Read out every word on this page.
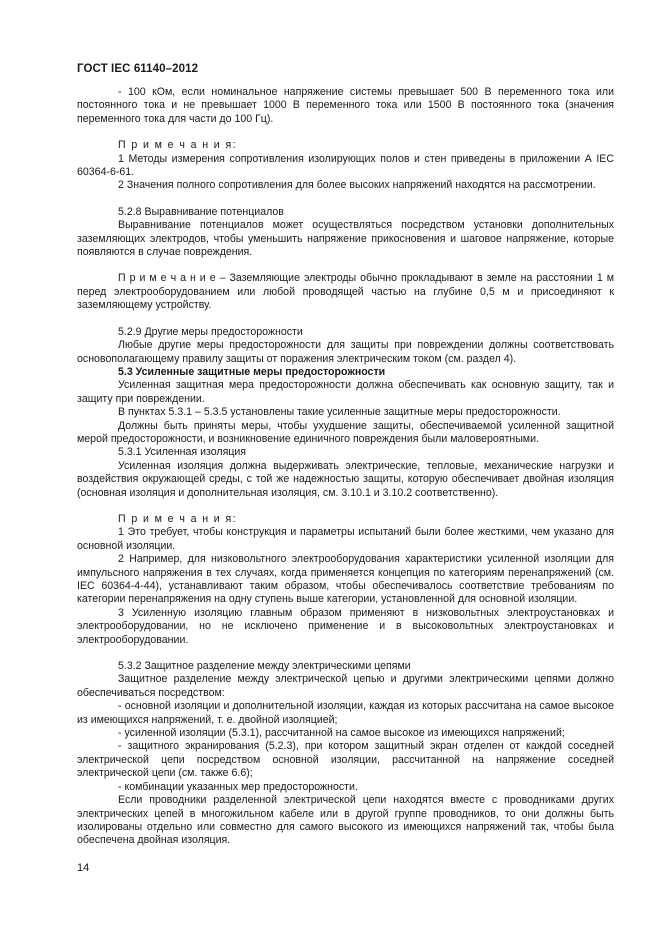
ГОСТ IEC 61140–2012

- 100 кОм, если номинальное напряжение системы превышает 500 В переменного тока или постоянного тока и не превышает 1000 В переменного тока или 1500 В постоянного тока (значения переменного тока для части до 100 Гц).

П р и м е ч а н и я:

1 Методы измерения сопротивления изолирующих полов и стен приведены в приложении А IEC 60364-6-61.

2 Значения полного сопротивления для более высоких напряжений находятся на рассмотрении.

5.2.8 Выравнивание потенциалов

Выравнивание потенциалов может осуществляться посредством установки дополнительных заземляющих электродов, чтобы уменьшить напряжение прикосновения и шаговое напряжение, которые появляются в случае повреждения.

П р и м е ч а н и е – Заземляющие электроды обычно прокладывают в земле на расстоянии 1 м перед электрооборудованием или любой проводящей частью на глубине 0,5 м и присоединяют к заземляющему устройству.

5.2.9 Другие меры предосторожности

Любые другие меры предосторожности для защиты при повреждении должны соответствовать основополагающему правилу защиты от поражения электрическим током (см. раздел 4).

5.3 Усиленные защитные меры предосторожности

Усиленная защитная мера предосторожности должна обеспечивать как основную защиту, так и защиту при повреждении.

В пунктах 5.3.1 – 5.3.5 установлены такие усиленные защитные меры предосторожности.

Должны быть приняты меры, чтобы ухудшение защиты, обеспечиваемой усиленной защитной мерой предосторожности, и возникновение единичного повреждения были маловероятными.

5.3.1 Усиленная изоляция

Усиленная изоляция должна выдерживать электрические, тепловые, механические нагрузки и воздействия окружающей среды, с той же надежностью защиты, которую обеспечивает двойная изоляция (основная изоляция и дополнительная изоляция, см. 3.10.1 и 3.10.2 соответственно).

П р и м е ч а н и я:

1 Это требует, чтобы конструкция и параметры испытаний были более жесткими, чем указано для основной изоляции.

2 Например, для низковольтного электрооборудования характеристики усиленной изоляции для импульсного напряжения в тех случаях, когда применяется концепция по категориям перенапряжений (см. IEC 60364-4-44), устанавливают таким образом, чтобы обеспечивалось соответствие требованиям по категории перенапряжения на одну ступень выше категории, установленной для основной изоляции.

3 Усиленную изоляцию главным образом применяют в низковольтных электроустановках и электрооборудовании, но не исключено применение и в высоковольтных электроустановках и электрооборудовании.

5.3.2 Защитное разделение между электрическими цепями

Защитное разделение между электрической цепью и другими электрическими цепями должно обеспечиваться посредством:

- основной изоляции и дополнительной изоляции, каждая из которых рассчитана на самое высокое из имеющихся напряжений, т. е. двойной изоляцией;

- усиленной изоляции (5.3.1), рассчитанной на самое высокое из имеющихся напряжений;

- защитного экранирования (5.2.3), при котором защитный экран отделен от каждой соседней электрической цепи посредством основной изоляции, рассчитанной на напряжение соседней электрической цепи (см. также 6.6);

- комбинации указанных мер предосторожности.

Если проводники разделенной электрической цепи находятся вместе с проводниками других электрических цепей в многожильном кабеле или в другой группе проводников, то они должны быть изолированы отдельно или совместно для самого высокого из имеющихся напряжений так, чтобы была обеспечена двойная изоляция.

14
